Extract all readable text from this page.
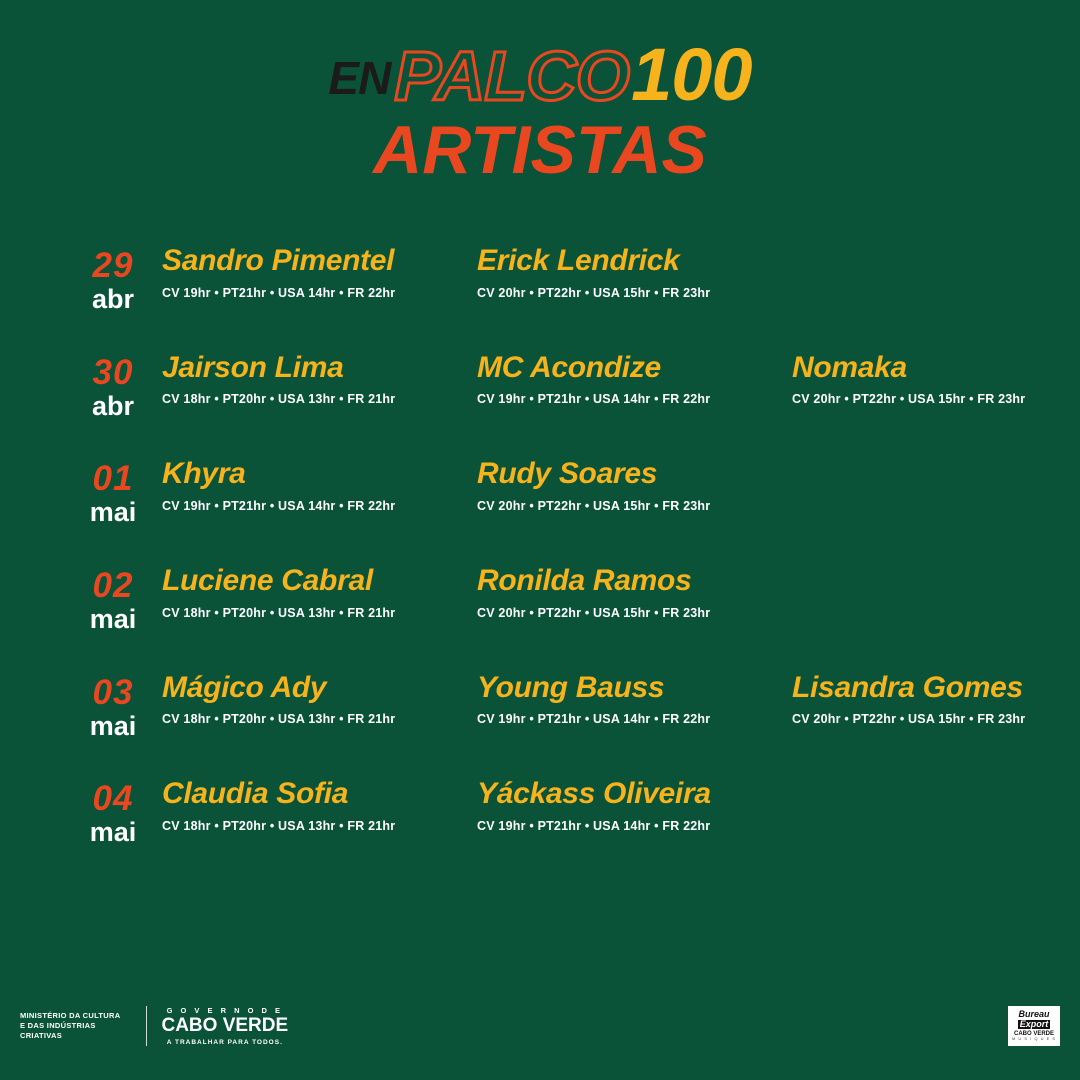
ENPALCO100
ARTISTAS
29
abr
Sandro Pimentel
CV 19hr • PT21hr • USA 14hr • FR 22hr
Erick Lendrick
CV 20hr • PT22hr • USA 15hr • FR 23hr
30
abr
Jairson Lima
CV 18hr • PT20hr • USA 13hr • FR 21hr
MC Acondize
CV 19hr • PT21hr • USA 14hr • FR 22hr
Nomaka
CV 20hr • PT22hr • USA 15hr • FR 23hr
01
mai
Khyra
CV 19hr • PT21hr • USA 14hr • FR 22hr
Rudy Soares
CV 20hr • PT22hr • USA 15hr • FR 23hr
02
mai
Luciene Cabral
CV 18hr • PT20hr • USA 13hr • FR 21hr
Ronilda Ramos
CV 20hr • PT22hr • USA 15hr • FR 23hr
03
mai
Mágico Ady
CV 18hr • PT20hr • USA 13hr • FR 21hr
Young Bauss
CV 19hr • PT21hr • USA 14hr • FR 22hr
Lisandra Gomes
CV 20hr • PT22hr • USA 15hr • FR 23hr
04
mai
Claudia Sofia
CV 18hr • PT20hr • USA 13hr • FR 21hr
Yáckass Oliveira
CV 19hr • PT21hr • USA 14hr • FR 22hr
MINISTÉRIO DA CULTURA
E DAS INDÚSTRIAS
CRIATIVAS
G O V E R N O D E
CABO VERDE
A TRABALHAR PARA TODOS.
Bureau
Export
CABO VERDE
M U S I Q U E S
